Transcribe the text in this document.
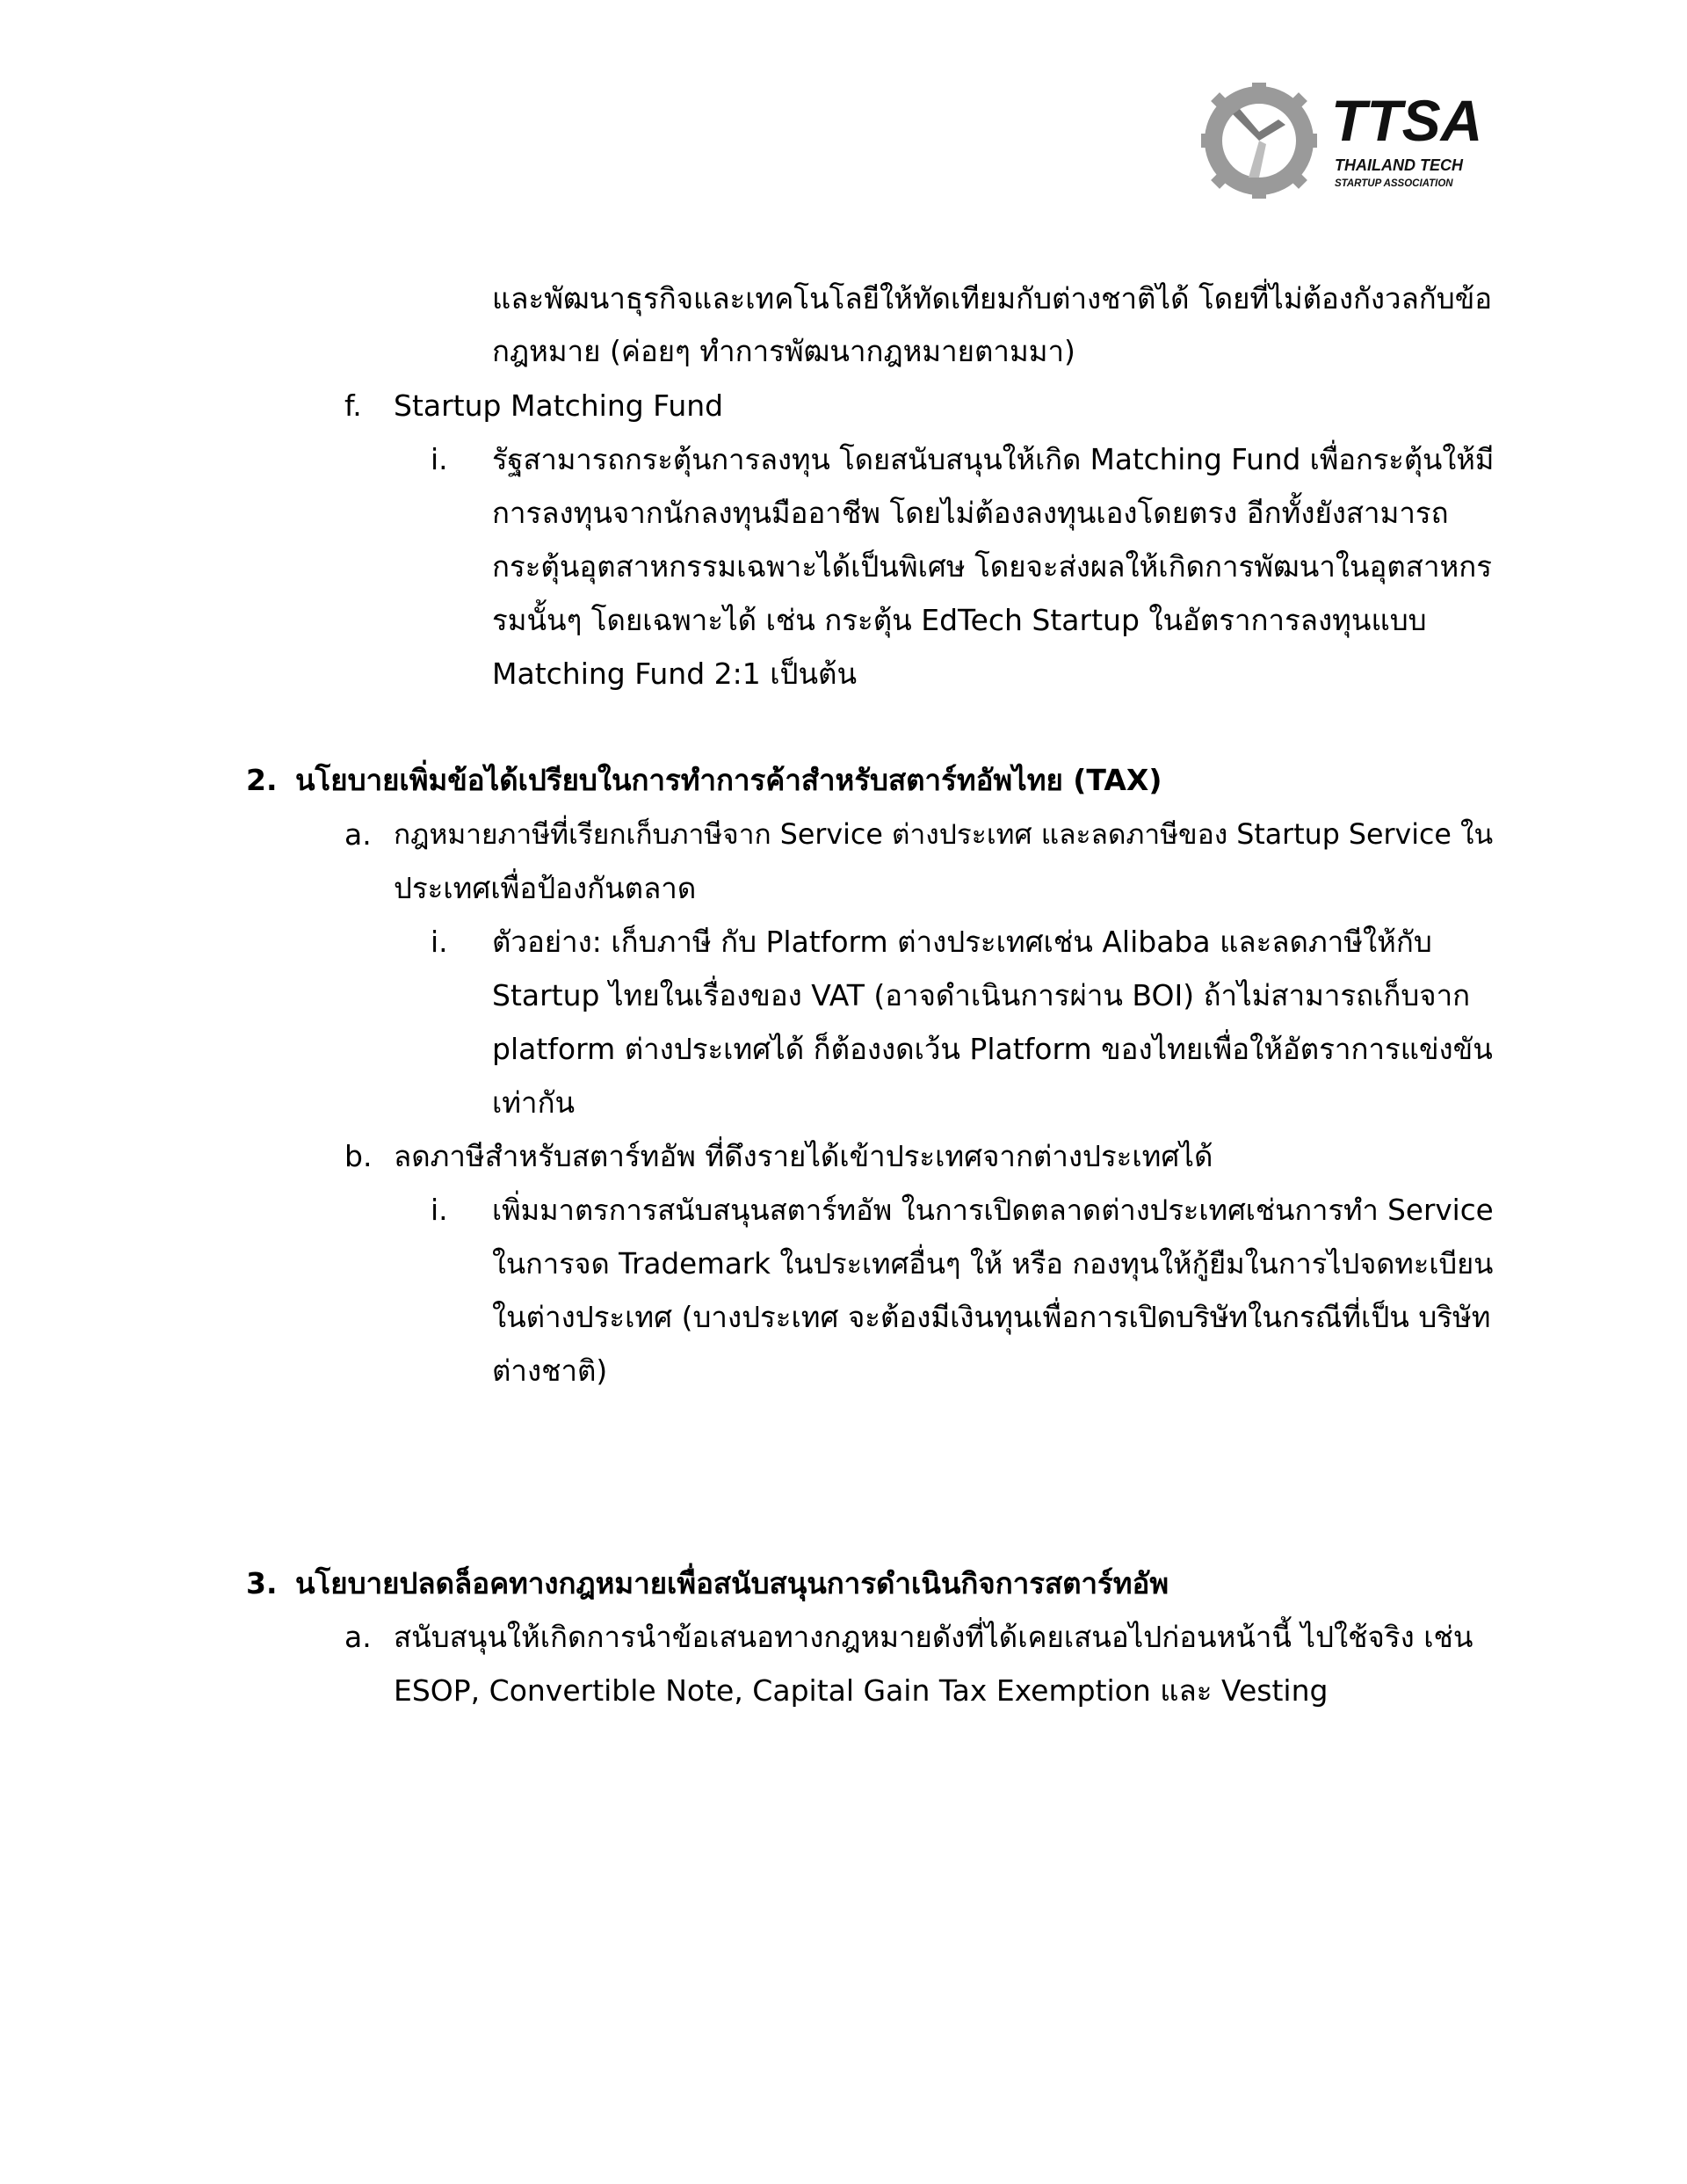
TTSA
THAILAND TECH
STARTUP ASSOCIATION
และพัฒนาธุรกิจและเทคโนโลยีให้ทัดเทียมกับต่างชาติได้ โดยที่ไม่ต้องกังวลกับข้อ
กฎหมาย (ค่อยๆ ทำการพัฒนากฎหมายตามมา)
f. Startup Matching Fund
i. รัฐสามารถกระตุ้นการลงทุน โดยสนับสนุนให้เกิด Matching Fund เพื่อกระตุ้นให้มี
การลงทุนจากนักลงทุนมืออาชีพ โดยไม่ต้องลงทุนเองโดยตรง อีกทั้งยังสามารถ
กระตุ้นอุตสาหกรรมเฉพาะได้เป็นพิเศษ โดยจะส่งผลให้เกิดการพัฒนาในอุตสาหกร
รมนั้นๆ โดยเฉพาะได้ เช่น กระตุ้น EdTech Startup ในอัตราการลงทุนแบบ
Matching Fund 2:1 เป็นต้น
2. นโยบายเพิ่มข้อได้เปรียบในการทำการค้าสำหรับสตาร์ทอัพไทย (TAX)
a. กฎหมายภาษีที่เรียกเก็บภาษีจาก Service ต่างประเทศ และลดภาษีของ Startup Service ใน
ประเทศเพื่อป้องกันตลาด
i. ตัวอย่าง: เก็บภาษี กับ Platform ต่างประเทศเช่น Alibaba และลดภาษีให้กับ
Startup ไทยในเรื่องของ VAT (อาจดำเนินการผ่าน BOI) ถ้าไม่สามารถเก็บจาก
platform ต่างประเทศได้ ก็ต้องงดเว้น Platform ของไทยเพื่อให้อัตราการแข่งขัน
เท่ากัน
b. ลดภาษีสำหรับสตาร์ทอัพ ที่ดึงรายได้เข้าประเทศจากต่างประเทศได้
i. เพิ่มมาตรการสนับสนุนสตาร์ทอัพ ในการเปิดตลาดต่างประเทศเช่นการทำ Service
ในการจด Trademark ในประเทศอื่นๆ ให้ หรือ กองทุนให้กู้ยืมในการไปจดทะเบียน
ในต่างประเทศ (บางประเทศ จะต้องมีเงินทุนเพื่อการเปิดบริษัทในกรณีที่เป็น บริษัท
ต่างชาติ)
3. นโยบายปลดล็อคทางกฎหมายเพื่อสนับสนุนการดำเนินกิจการสตาร์ทอัพ
a. สนับสนุนให้เกิดการนำข้อเสนอทางกฎหมายดังที่ได้เคยเสนอไปก่อนหน้านี้ ไปใช้จริง เช่น
ESOP, Convertible Note, Capital Gain Tax Exemption และ Vesting
